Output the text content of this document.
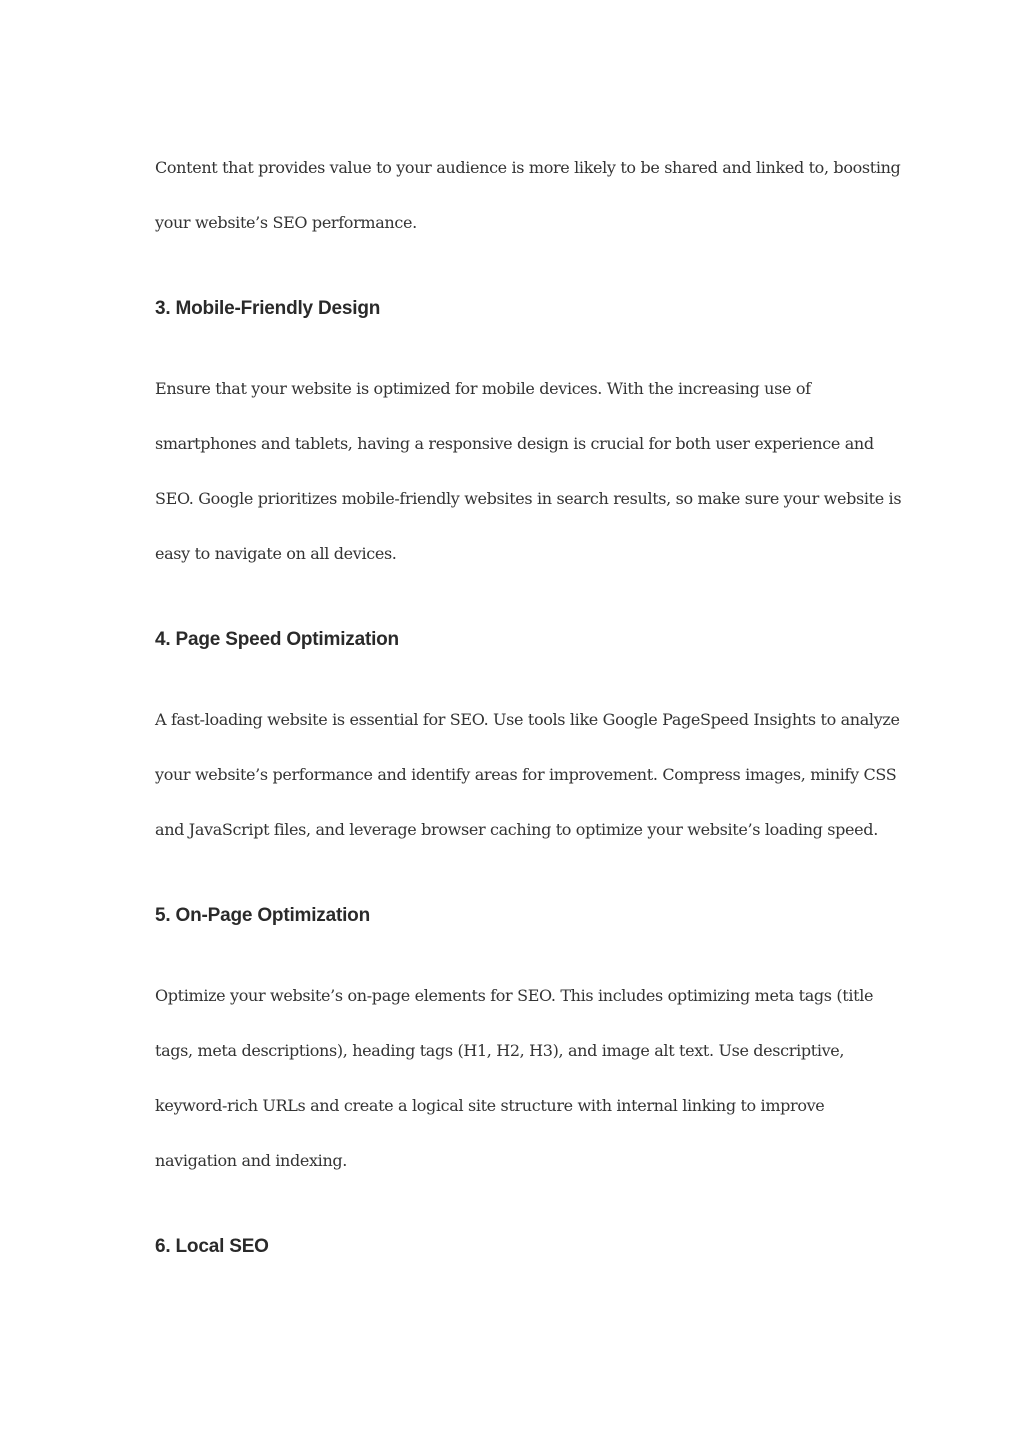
Content that provides value to your audience is more likely to be shared and linked to, boosting
your website’s SEO performance.
3. Mobile-Friendly Design
Ensure that your website is optimized for mobile devices. With the increasing use of
smartphones and tablets, having a responsive design is crucial for both user experience and
SEO. Google prioritizes mobile-friendly websites in search results, so make sure your website is
easy to navigate on all devices.
4. Page Speed Optimization
A fast-loading website is essential for SEO. Use tools like Google PageSpeed Insights to analyze
your website’s performance and identify areas for improvement. Compress images, minify CSS
and JavaScript files, and leverage browser caching to optimize your website’s loading speed.
5. On-Page Optimization
Optimize your website’s on-page elements for SEO. This includes optimizing meta tags (title
tags, meta descriptions), heading tags (H1, H2, H3), and image alt text. Use descriptive,
keyword-rich URLs and create a logical site structure with internal linking to improve
navigation and indexing.
6. Local SEO
